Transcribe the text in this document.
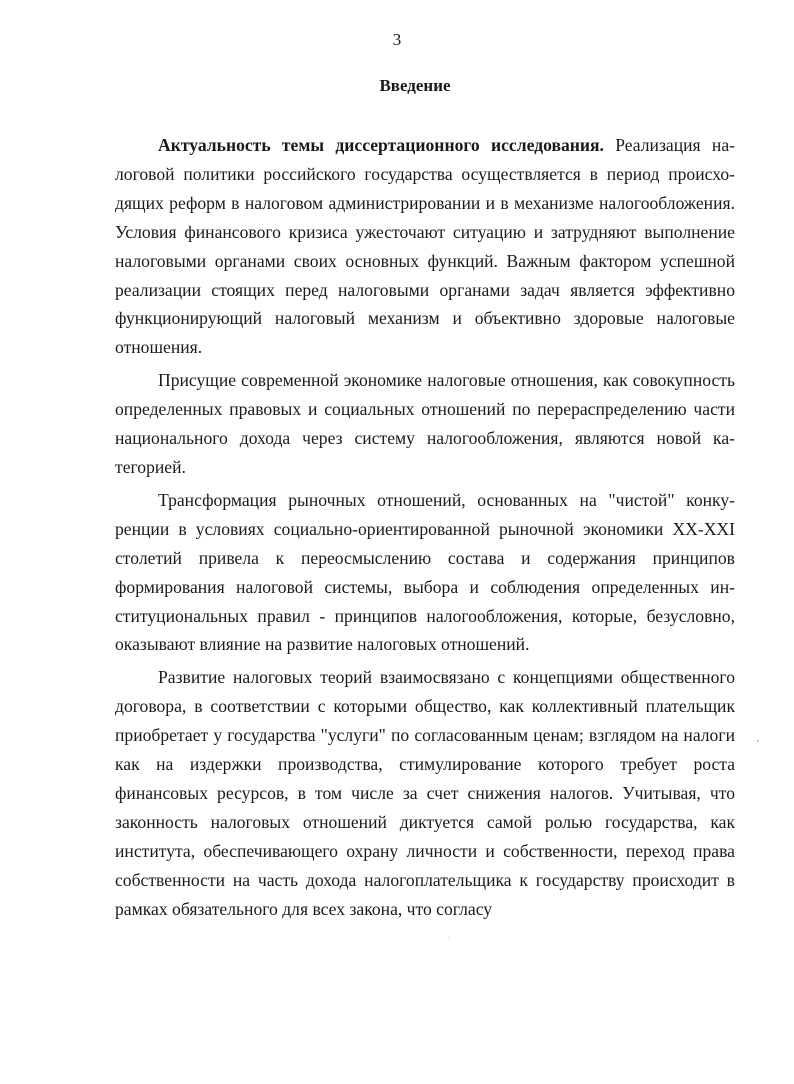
3
Введение

Актуальность темы диссертационного исследования. Реализация налоговой политики российского государства осуществляется в период происходящих реформ в налоговом администрировании и в механизме налогообложения. Условия финансового кризиса ужесточают ситуацию и затрудняют выполнение налоговыми органами своих основных функций. Важным фактором успешной реализации стоящих перед налоговыми органами задач является эффективно функционирующий налоговый механизм и объективно здоровые налоговые отношения.

Присущие современной экономике налоговые отношения, как совокупность определенных правовых и социальных отношений по перераспределению части национального дохода через систему налогообложения, являются новой категорией.

Трансформация рыночных отношений, основанных на "чистой" конкуренции в условиях социально-ориентированной рыночной экономики XX-XXI столетий привела к переосмыслению состава и содержания принципов формирования налоговой системы, выбора и соблюдения определенных институциональных правил - принципов налогообложения, которые, безусловно, оказывают влияние на развитие налоговых отношений.

Развитие налоговых теорий взаимосвязано с концепциями общественного договора, в соответствии с которыми общество, как коллективный плательщик приобретает у государства "услуги" по согласованным ценам; взглядом на налоги как на издержки производства, стимулирование которого требует роста финансовых ресурсов, в том числе за счет снижения налогов. Учитывая, что законность налоговых отношений диктуется самой ролью государства, как института, обеспечивающего охрану личности и собственности, переход права собственности на часть дохода налогоплательщика к государству происходит в рамках обязательного для всех закона, что согласу
